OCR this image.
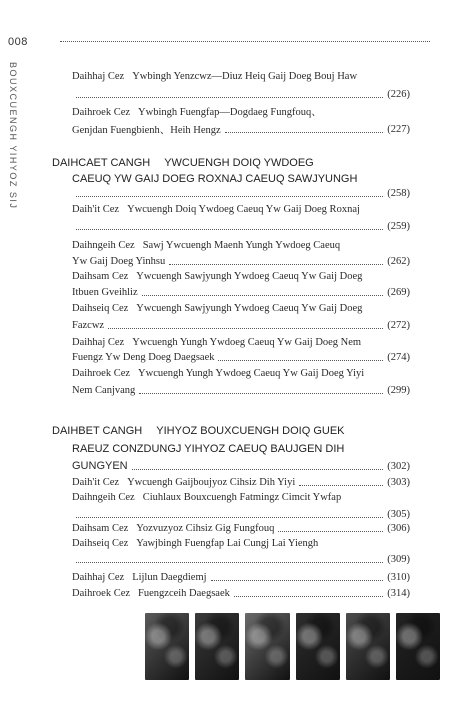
008
BOUXCUENGH YIHYOZ SIJ	Daihhaj Cez Ywbingh Yenzcwz—Diuz Heiq Gaij Doeg Bouj Haw
(226)
Daihroek Cez Ywbingh Fuengfap—Dogdaeg Fungfouq、
Genjdan Fuengbienh、Heih Hengz	(227)
DAIHCAET CANGH YWCUENGH DOIQ YWDOEG
CAEUQ YW GAIJ DOEG ROXNAJ CAEUQ SAWJYUNGH
(258)
Daih'it Cez Ywcuengh Doiq Ywdoeg Caeuq Yw Gaij Doeg Roxnaj
(259)
Daihngeih Cez Sawj Ywcuengh Maenh Yungh Ywdoeg Caeuq
Yw Gaij Doeg Yinhsu	(262)
Daihsam Cez Ywcuengh Sawjyungh Ywdoeg Caeuq Yw Gaij Doeg
Itbuen Gveihliz	(269)
Daihseiq Cez Ywcuengh Sawjyungh Ywdoeg Caeuq Yw Gaij Doeg
Fazcwz	(272)
Daihhaj Cez Ywcuengh Yungh Ywdoeg Caeuq Yw Gaij Doeg Nem
Fuengz Yw Deng Doeg Daegsaek	(274)
Daihroek Cez Ywcuengh Yungh Ywdoeg Caeuq Yw Gaij Doeg Yiyi
Nem Canjvang	(299)
DAIHBET CANGH YIHYOZ BOUXCUENGH DOIQ GUEK
RAEUZ CONZDUNGJ YIHYOZ CAEUQ BAUJGEN DIH
GUNGYEN	(302)
Daih'it Cez Ywcuengh Gaijboujyoz Cihsiz Dih Yiyi	(303)
Daihngeih Cez Ciuhlaux Bouxcuengh Fatmingz Cimcit Ywfap
(305)
Daihsam Cez Yozvuzyoz Cihsiz Gig Fungfouq	(306)
Daihseiq Cez Yawjbingh Fuengfap Lai Cungj Lai Yiengh
(309)
Daihhaj Cez Lijlun Daegdiemj	(310)
Daihroek Cez Fuengzceih Daegsaek	(314)
